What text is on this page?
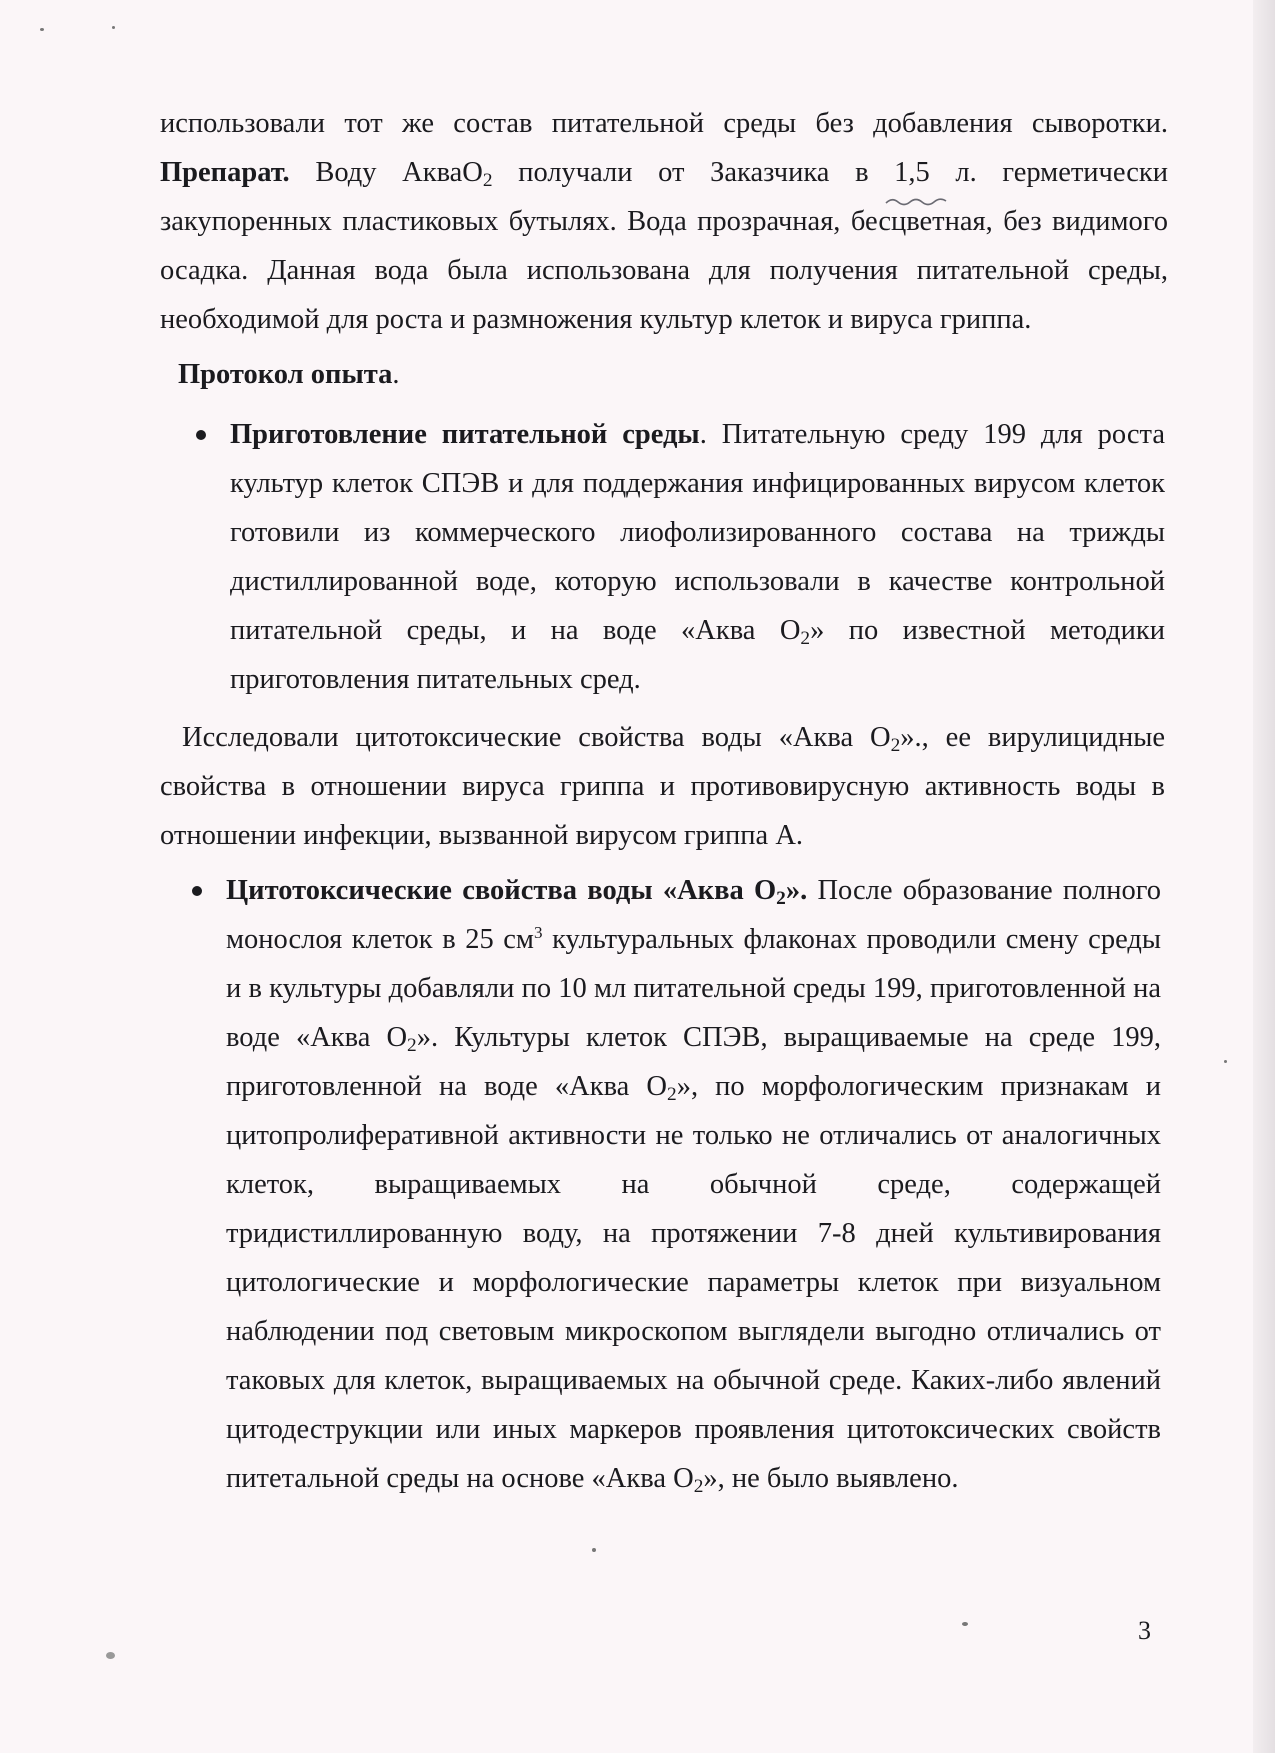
использовали тот же состав питательной среды без добавления сыворотки. Препарат. Воду АкваO$_2$ получали от Заказчика в 1,5 л. герметически закупоренных пластиковых бутылях. Вода прозрачная, бесцветная, без видимого осадка. Данная вода была использована для получения питательной среды, необходимой для роста и размножения культур клеток и вируса гриппа.

Протокол опыта.

Приготовление питательной среды. Питательную среду 199 для роста культур клеток СПЭВ и для поддержания инфицированных вирусом клеток готовили из коммерческого лиофолизированного состава на трижды дистиллированной воде, которую использовали в качестве контрольной питательной среды, и на воде «Аква $O_2$» по известной методики приготовления питательных сред.

Исследовали цитотоксические свойства воды «Аква $O_2$»., ее вирулицидные свойства в отношении вируса гриппа и противовирусную активность воды в отношении инфекции, вызванной вирусом гриппа А.

Цитотоксические свойства воды «Аква $O_2$». После образование полного монослоя клеток в 25 $см^3$ культуральных флаконах проводили смену среды и в культуры добавляли по 10 мл питательной среды 199, приготовленной на воде «Аква $O_2$». Культуры клеток СПЭВ, выращиваемые на среде 199, приготовленной на воде «Аква $O_2$», по морфологическим признакам и цитопролиферативной активности не только не отличались от аналогичных клеток, выращиваемых на обычной среде, содержащей тридистиллированную воду, на протяжении 7-8 дней культивирования цитологические и морфологические параметры клеток при визуальном наблюдении под световым микроскопом выглядели выгодно отличались от таковых для клеток, выращиваемых на обычной среде. Каких-либо явлений цитодеструкции или иных маркеров проявления цитотоксических свойств питетальной среды на основе «Аква $O_2$», не было выявлено.

3
